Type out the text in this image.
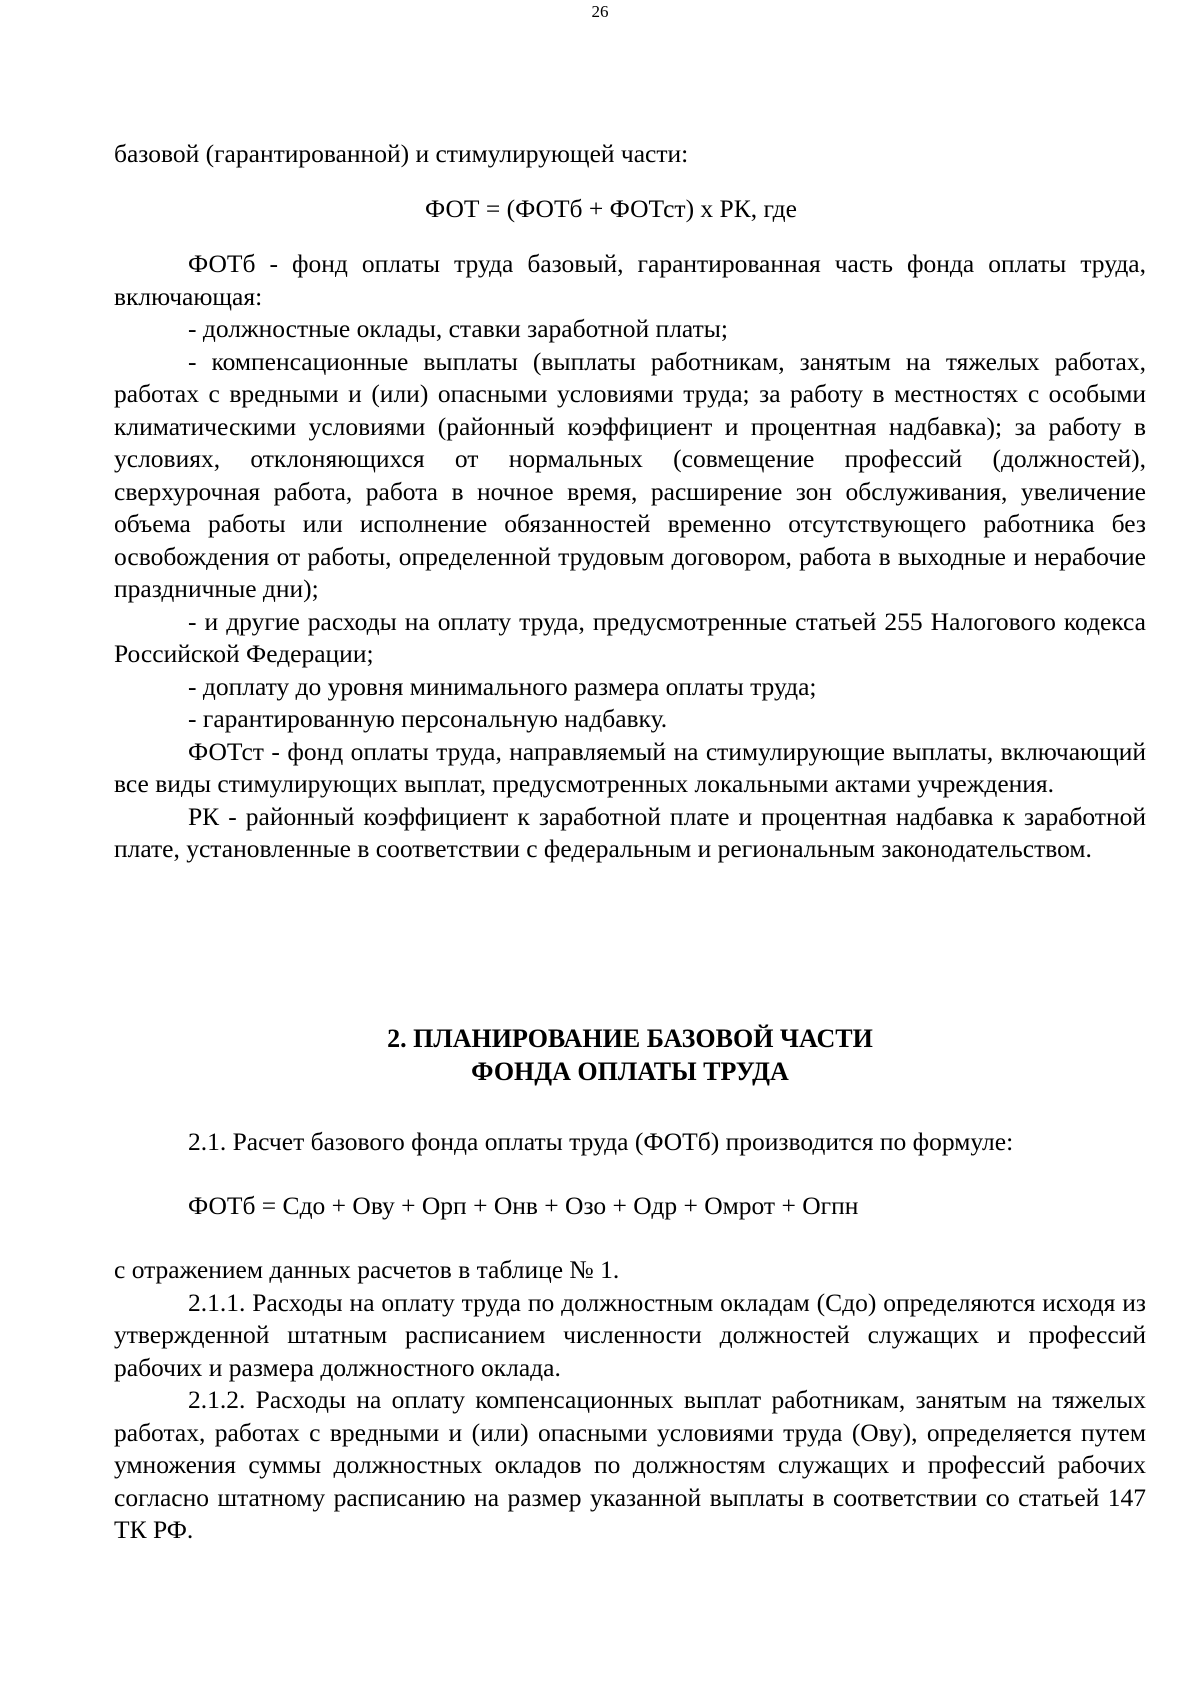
26

базовой (гарантированной) и стимулирующей части:

ФОТ = (ФОТб + ФОТст) х РК, где

ФОТб - фонд оплаты труда базовый, гарантированная часть фонда оплаты труда, включающая:

- должностные оклады, ставки заработной платы;

- компенсационные выплаты (выплаты работникам, занятым на тяжелых работах, работах с вредными и (или) опасными условиями труда; за работу в местностях с особыми климатическими условиями (районный коэффициент и процентная надбавка); за работу в условиях, отклоняющихся от нормальных (совмещение профессий (должностей), сверхурочная работа, работа в ночное время, расширение зон обслуживания, увеличение объема работы или исполнение обязанностей временно отсутствующего работника без освобождения от работы, определенной трудовым договором, работа в выходные и нерабочие праздничные дни);

- и другие расходы на оплату труда, предусмотренные статьей 255 Налогового кодекса Российской Федерации;

- доплату до уровня минимального размера оплаты труда;

- гарантированную персональную надбавку.

ФОТст - фонд оплаты труда, направляемый на стимулирующие выплаты, включающий все виды стимулирующих выплат, предусмотренных локальными актами учреждения.

РК - районный коэффициент к заработной плате и процентная надбавка к заработной плате, установленные в соответствии с федеральным и региональным законодательством.

2. ПЛАНИРОВАНИЕ БАЗОВОЙ ЧАСТИ
ФОНДА ОПЛАТЫ ТРУДА

2.1. Расчет базового фонда оплаты труда (ФОТб) производится по формуле:

ФОТб = Сдо + Ову + Орп + Онв + Озо + Одр + Омрот + Огпн

с отражением данных расчетов в таблице № 1.

2.1.1. Расходы на оплату труда по должностным окладам (Сдо) определяются исходя из утвержденной штатным расписанием численности должностей служащих и профессий рабочих и размера должностного оклада.

2.1.2. Расходы на оплату компенсационных выплат работникам, занятым на тяжелых работах, работах с вредными и (или) опасными условиями труда (Ову), определяется путем умножения суммы должностных окладов по должностям служащих и профессий рабочих согласно штатному расписанию на размер указанной выплаты в соответствии со статьей 147 ТК РФ.
